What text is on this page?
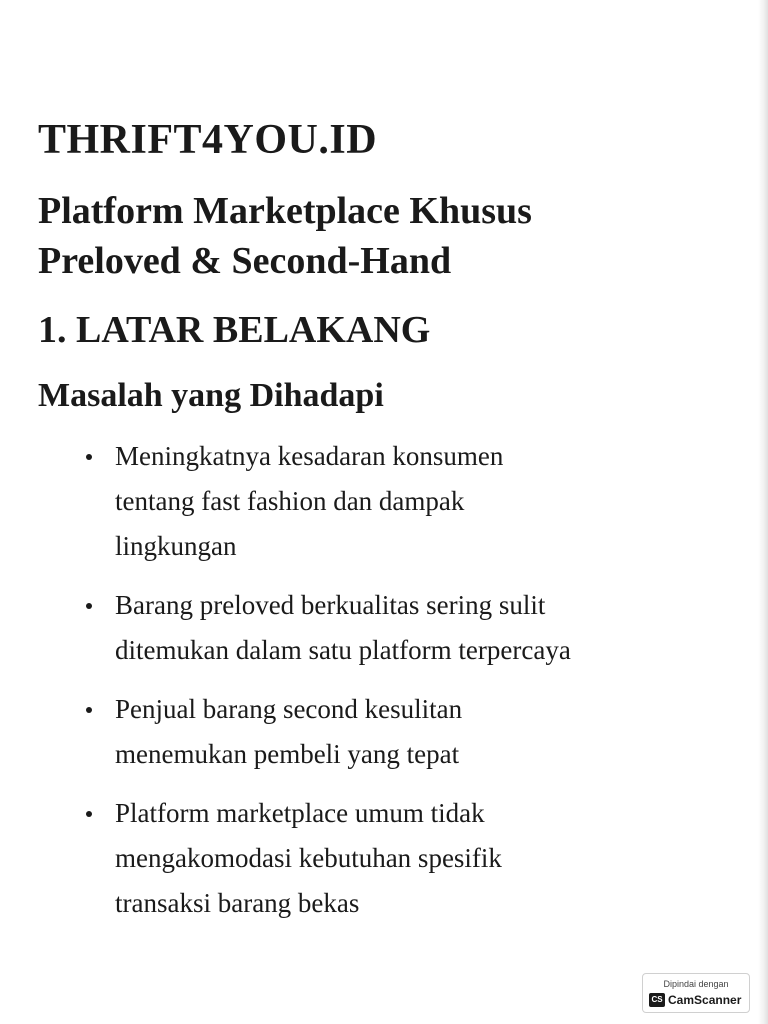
THRIFT4YOU.ID
Platform Marketplace Khusus
Preloved & Second-Hand
1. LATAR BELAKANG
Masalah yang Dihadapi
Meningkatnya kesadaran konsumen
tentang fast fashion dan dampak
lingkungan
Barang preloved berkualitas sering sulit
ditemukan dalam satu platform terpercaya
Penjual barang second kesulitan
menemukan pembeli yang tepat
Platform marketplace umum tidak
mengakomodasi kebutuhan spesifik
transaksi barang bekas
Dipindai dengan
CS CamScanner
